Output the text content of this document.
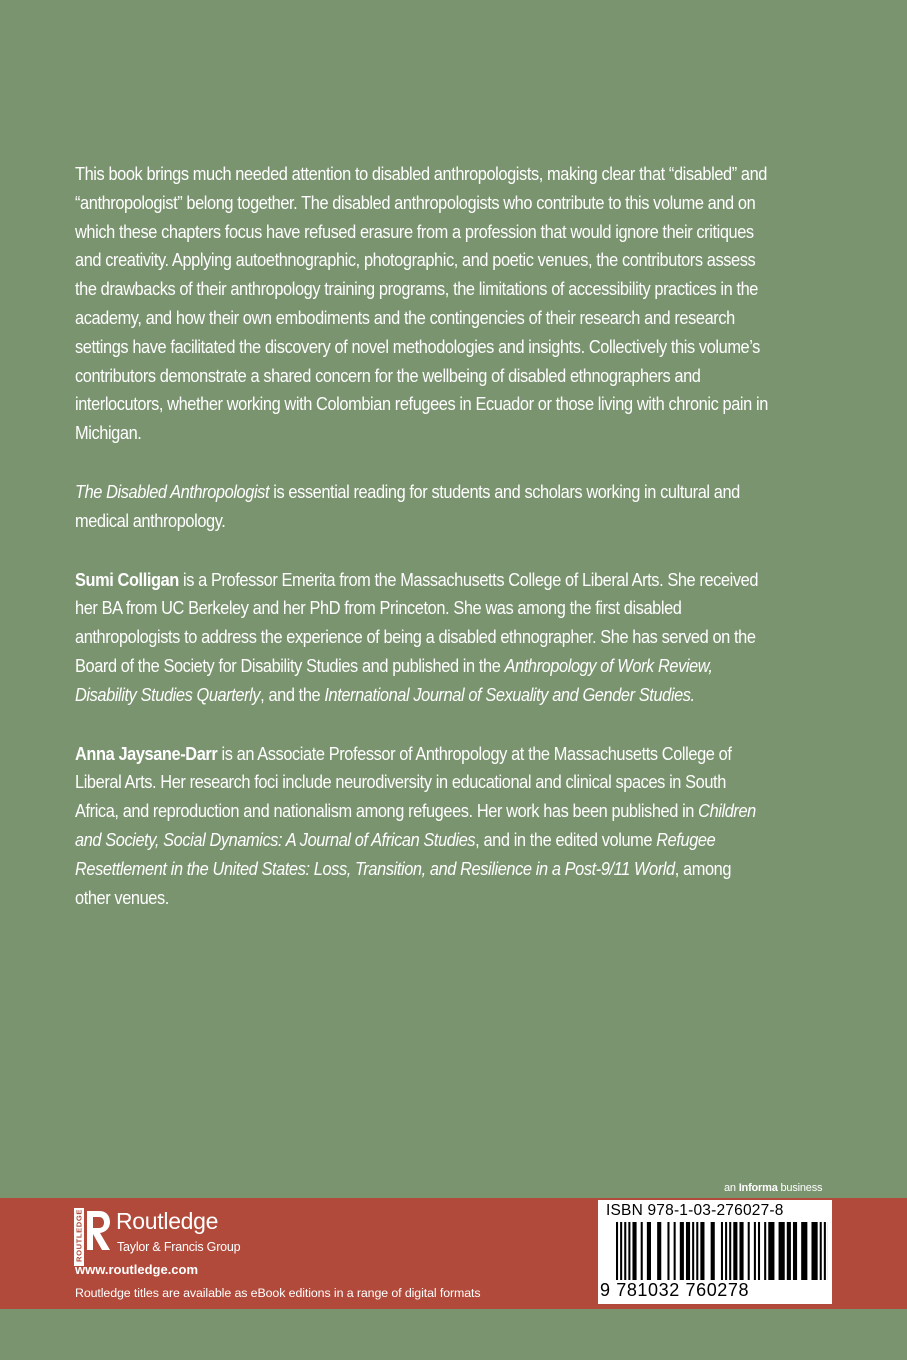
This book brings much needed attention to disabled anthropologists, making clear that “disabled” and “anthropologist” belong together. The disabled anthropologists who contribute to this volume and on which these chapters focus have refused erasure from a profession that would ignore their critiques and creativity. Applying autoethnographic, photographic, and poetic venues, the contributors assess the drawbacks of their anthropology training programs, the limitations of accessibility practices in the academy, and how their own embodiments and the contingencies of their research and research settings have facilitated the discovery of novel methodologies and insights. Collectively this volume’s contributors demonstrate a shared concern for the wellbeing of disabled ethnographers and interlocutors, whether working with Colombian refugees in Ecuador or those living with chronic pain in Michigan.

The Disabled Anthropologist is essential reading for students and scholars working in cultural and medical anthropology.

Sumi Colligan is a Professor Emerita from the Massachusetts College of Liberal Arts. She received her BA from UC Berkeley and her PhD from Princeton. She was among the first disabled anthropologists to address the experience of being a disabled ethnographer. She has served on the Board of the Society for Disability Studies and published in the Anthropology of Work Review, Disability Studies Quarterly, and the International Journal of Sexuality and Gender Studies.

Anna Jaysane-Darr is an Associate Professor of Anthropology at the Massachusetts College of Liberal Arts. Her research foci include neurodiversity in educational and clinical spaces in South Africa, and reproduction and nationalism among refugees. Her work has been published in Children and Society, Social Dynamics: A Journal of African Studies, and in the edited volume Refugee Resettlement in the United States: Loss, Transition, and Resilience in a Post-9/11 World, among other venues.

an Informa business
ROUTLEDGE Routledge
Taylor & Francis Group
www.routledge.com
Routledge titles are available as eBook editions in a range of digital formats
ISBN 978-1-03-276027-8
9 781032 760278
